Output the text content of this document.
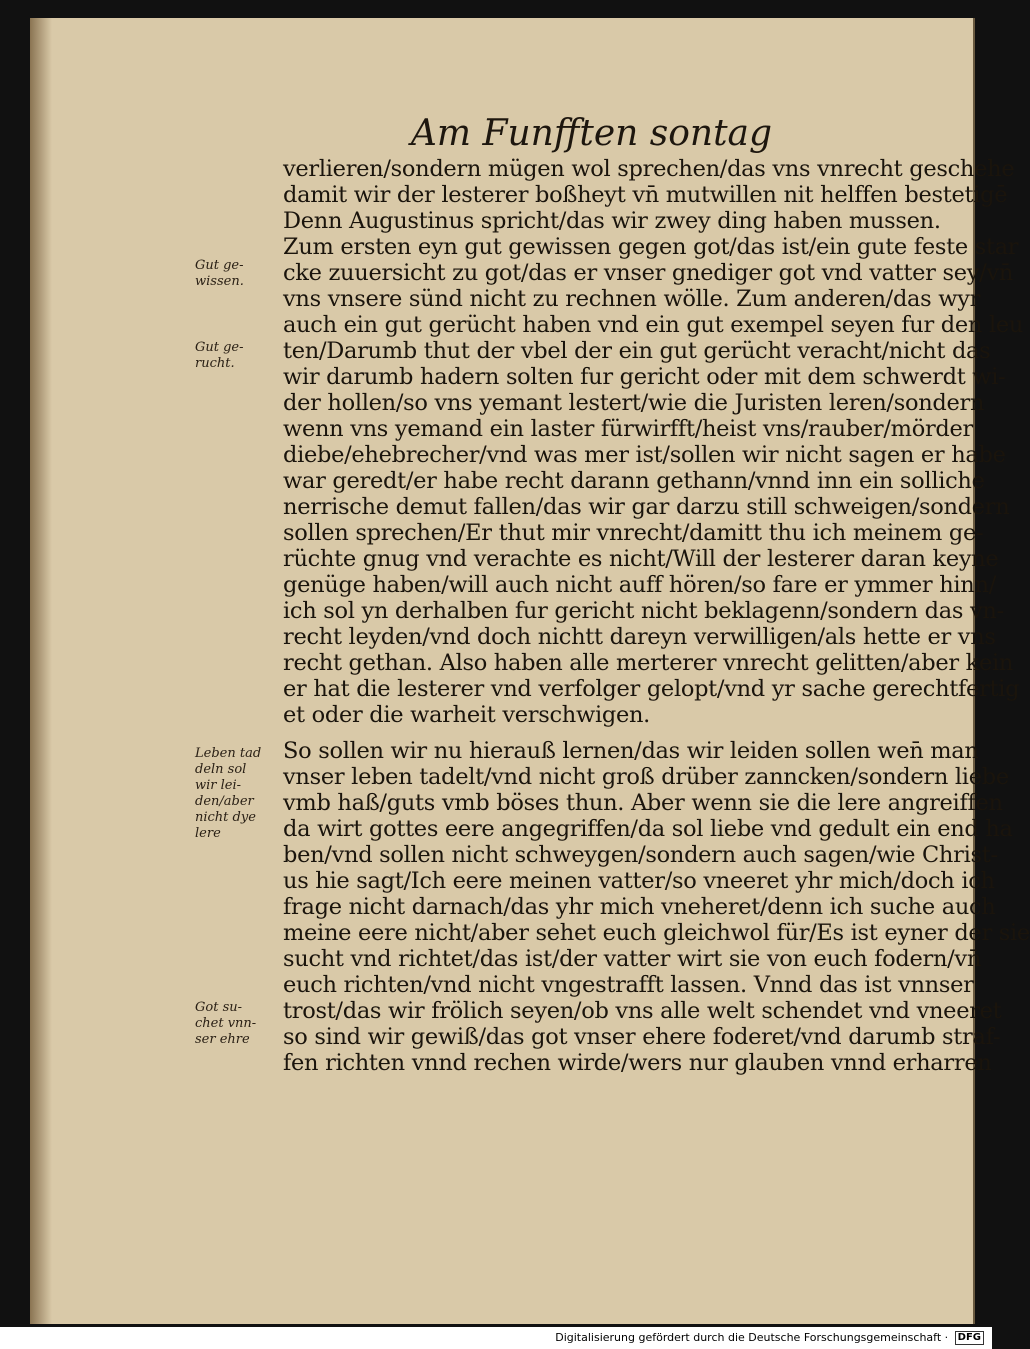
Am Funfften sontag
verlieren/sondern mügen wol sprechen/das vns vnrecht geschehe
damit wir der lesterer boßheyt vn̄ mutwillen nit helffen bestetigē
Denn Augustinus spricht/das wir zwey ding haben mussen.
Zum ersten eyn gut gewissen gegen got/das ist/ein gute feste star
cke zuuersicht zu got/das er vnser gnediger got vnd vatter sey/vn̄
vns vnsere sünd nicht zu rechnen wölle. Zum anderen/das wyr
auch ein gut gerücht haben vnd ein gut exempel seyen fur den leu
ten/Darumb thut der vbel der ein gut gerücht veracht/nicht das
wir darumb hadern solten fur gericht oder mit dem schwerdt wi-
der hollen/so vns yemant lestert/wie die Juristen leren/sondern
wenn vns yemand ein laster fürwirfft/heist vns/rauber/mörder
diebe/ehebrecher/vnd was mer ist/sollen wir nicht sagen er habe
war geredt/er habe recht darann gethann/vnnd inn ein solliche
nerrische demut fallen/das wir gar darzu still schweigen/sondern
sollen sprechen/Er thut mir vnrecht/damitt thu ich meinem ge-
rüchte gnug vnd verachte es nicht/Will der lesterer daran keyne
genüge haben/will auch nicht auff hören/so fare er ymmer hinn/
ich sol yn derhalben fur gericht nicht beklagenn/sondern das vn-
recht leyden/vnd doch nichtt dareyn verwilligen/als hette er vns
recht gethan. Also haben alle merterer vnrecht gelitten/aber kein
er hat die lesterer vnd verfolger gelopt/vnd yr sache gerechtfertig
et oder die warheit verschwigen.
So sollen wir nu hierauß lernen/das wir leiden sollen wen̄ man
vnser leben tadelt/vnd nicht groß drüber zanncken/sondern liebe
vmb haß/guts vmb böses thun. Aber wenn sie die lere angreiffen
da wirt gottes eere angegriffen/da sol liebe vnd gedult ein end ha
ben/vnd sollen nicht schweygen/sondern auch sagen/wie Christ-
us hie sagt/Ich eere meinen vatter/so vneeret yhr mich/doch ich
frage nicht darnach/das yhr mich vneheret/denn ich suche auch
meine eere nicht/aber sehet euch gleichwol für/Es ist eyner der sie
sucht vnd richtet/das ist/der vatter wirt sie von euch fodern/vn̄
euch richten/vnd nicht vngestrafft lassen. Vnnd das ist vnnser
trost/das wir frölich seyen/ob vns alle welt schendet vnd vneeret
so sind wir gewiß/das got vnser ehere foderet/vnd darumb straf-
fen richten vnnd rechen wirde/wers nur glauben vnnd erharren
Gut ge-
wissen.
Gut ge-
rucht.
Leben tad
deln sol
wir lei-
den/aber
nicht dye
lere
Got su-
chet vnn-
ser ehre
Digitalisierung gefördert durch die Deutsche Forschungsgemeinschaft · DFG
